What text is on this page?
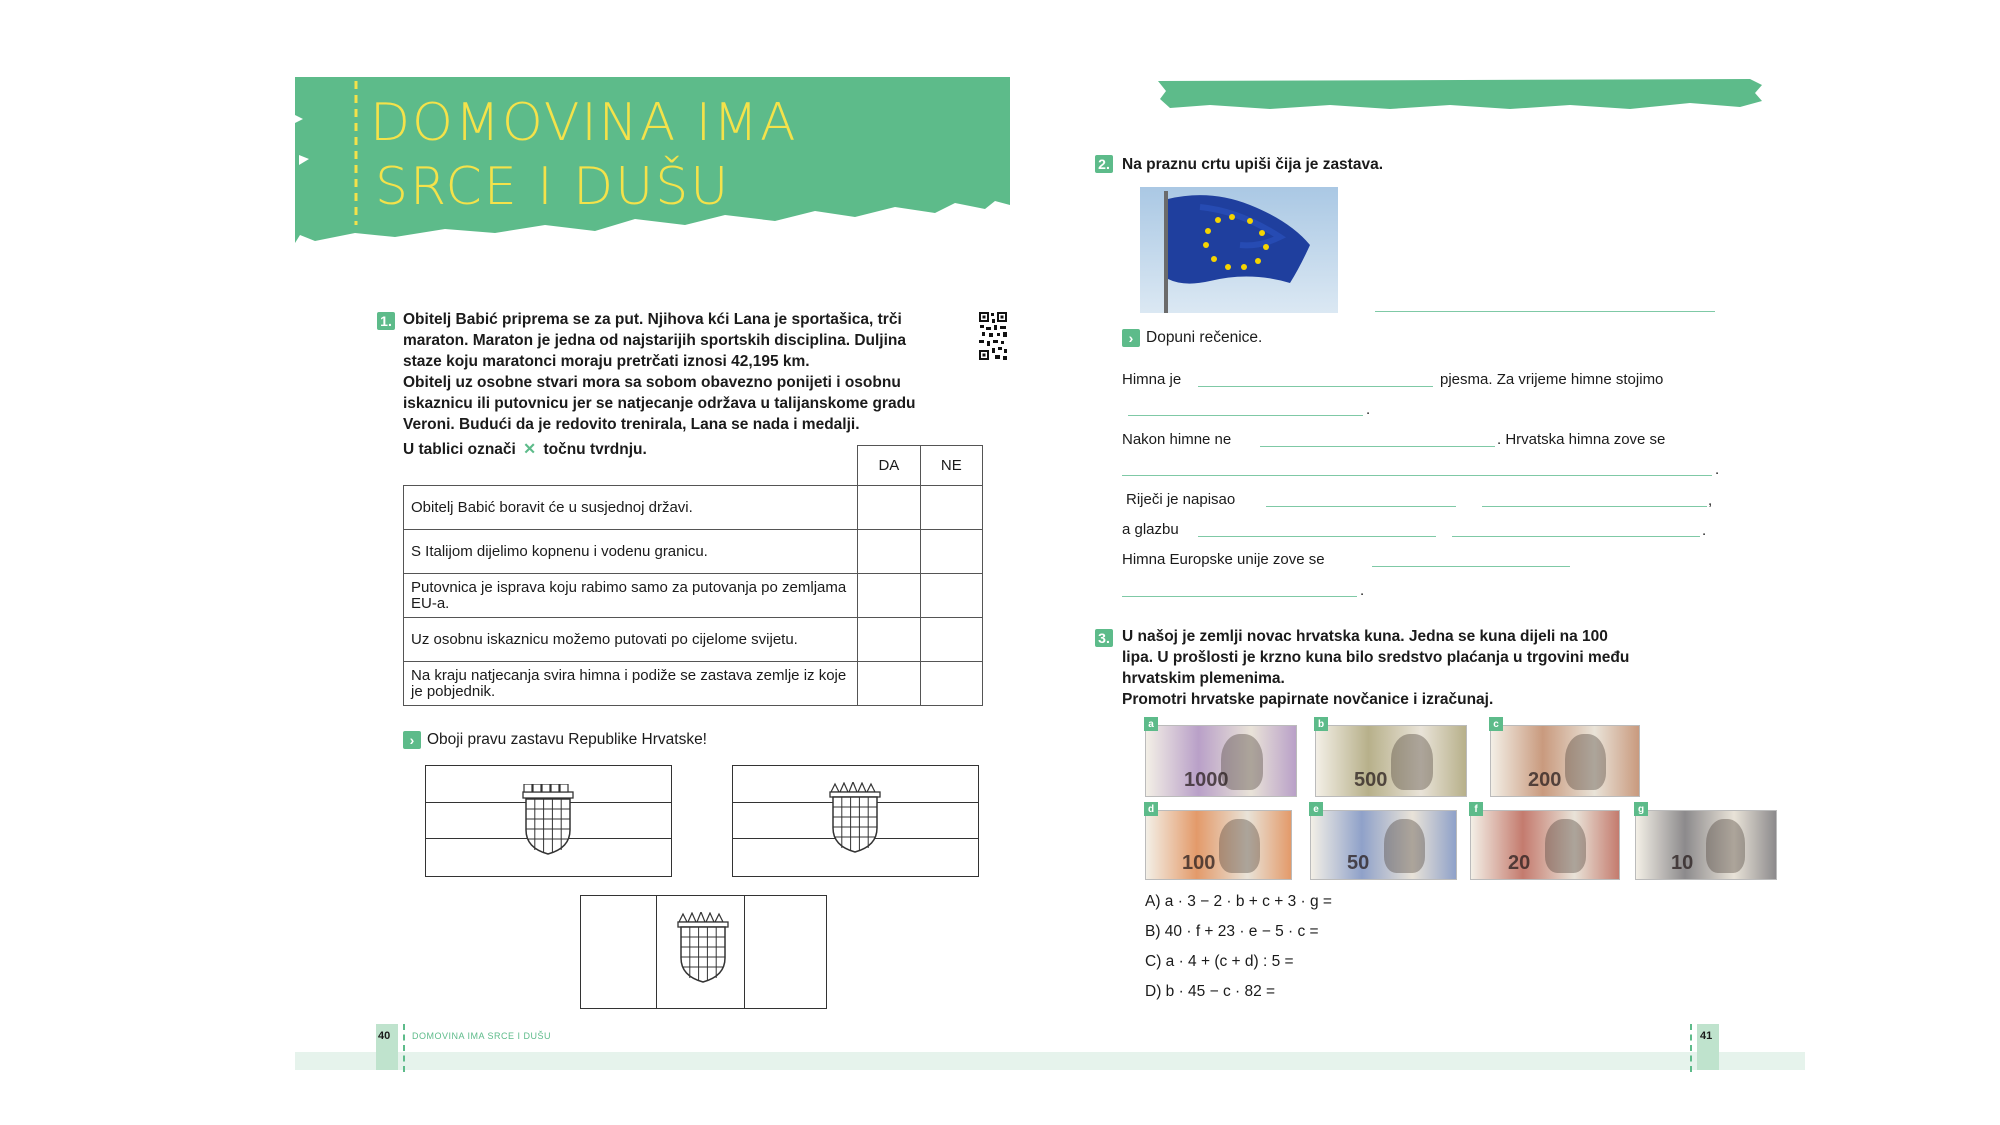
DOMOVINA IMA
SRCE I DUŠU
1. Obitelj Babić priprema se za put. Njihova kći Lana je sportašica, trči
maraton. Maraton je jedna od najstarijih sportskih disciplina. Duljina
staze koju maratonci moraju pretrčati iznosi 42,195 km.
Obitelj uz osobne stvari mora sa sobom obavezno ponijeti i osobnu
iskaznicu ili putovnicu jer se natjecanje održava u talijanskome gradu
Veroni. Budući da je redovito trenirala, Lana se nada i medalji.
U tablici označi ✕ točnu tvrdnju.
	DA	NE
Obitelj Babić boravit će u susjednoj državi.		
S Italijom dijelimo kopnenu i vodenu granicu.		
Putovnica je isprava koju rabimo samo za putovanja po zemljama EU-a.		
Uz osobnu iskaznicu možemo putovati po cijelome svijetu.		
Na kraju natjecanja svira himna i podiže se zastava zemlje iz koje je pobjednik.		
› Oboji pravu zastavu Republike Hrvatske!
2. Na praznu crtu upiši čija je zastava.
› Dopuni rečenice.
Himna je	pjesma. Za vrijeme himne stojimo
.
Nakon himne ne	. Hrvatska himna zove se
.
Riječi je napisao	,
a glazbu	.
Himna Europske unije zove se
.
3. U našoj je zemlji novac hrvatska kuna. Jedna se kuna dijeli na 100
lipa. U prošlosti je krzno kuna bilo sredstvo plaćanja u trgovini među
hrvatskim plemenima.
Promotri hrvatske papirnate novčanice i izračunaj.
1000
a
500
b
200
c
100
d
50
e
20
f
10
g
A) a · 3 − 2 · b + c + 3 · g =
B) 40 · f + 23 · e − 5 · c =
C) a · 4 + (c + d) : 5 =
D) b · 45 − c · 82 =
40 DOMOVINA IMA SRCE I DUŠU	41
